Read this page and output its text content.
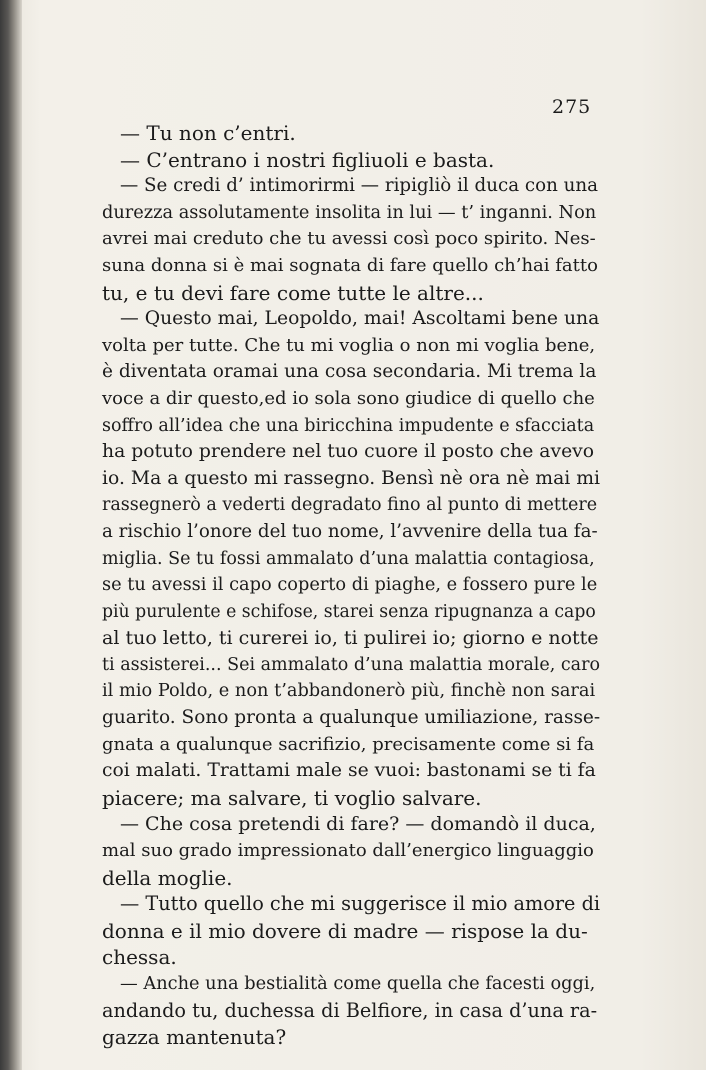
275
— Tu non c’entri.
— C’entrano i nostri figliuoli e basta.
— Se credi d’ intimorirmi — ripigliò il duca con una
durezza assolutamente insolita in lui — t’ inganni. Non
avrei mai creduto che tu avessi così poco spirito. Nes-
suna donna si è mai sognata di fare quello ch’hai fatto
tu, e tu devi fare come tutte le altre...
— Questo mai, Leopoldo, mai! Ascoltami bene una
volta per tutte. Che tu mi voglia o non mi voglia bene,
è diventata oramai una cosa secondaria. Mi trema la
voce a dir questo,ed io sola sono giudice di quello che
soffro all’idea che una biricchina impudente e sfacciata
ha potuto prendere nel tuo cuore il posto che avevo
io. Ma a questo mi rassegno. Bensì nè ora nè mai mi
rassegnerò a vederti degradato fino al punto di mettere
a rischio l’onore del tuo nome, l’avvenire della tua fa-
miglia. Se tu fossi ammalato d’una malattia contagiosa,
se tu avessi il capo coperto di piaghe, e fossero pure le
più purulente e schifose, starei senza ripugnanza a capo
al tuo letto, ti curerei io, ti pulirei io; giorno e notte
ti assisterei... Sei ammalato d’una malattia morale, caro
il mio Poldo, e non t’abbandonerò più, finchè non sarai
guarito. Sono pronta a qualunque umiliazione, rasse-
gnata a qualunque sacrifizio, precisamente come si fa
coi malati. Trattami male se vuoi: bastonami se ti fa
piacere; ma salvare, ti voglio salvare.
— Che cosa pretendi di fare? — domandò il duca,
mal suo grado impressionato dall’energico linguaggio
della moglie.
— Tutto quello che mi suggerisce il mio amore di
donna e il mio dovere di madre — rispose la du-
chessa.
— Anche una bestialità come quella che facesti oggi,
andando tu, duchessa di Belfiore, in casa d’una ra-
gazza mantenuta?
